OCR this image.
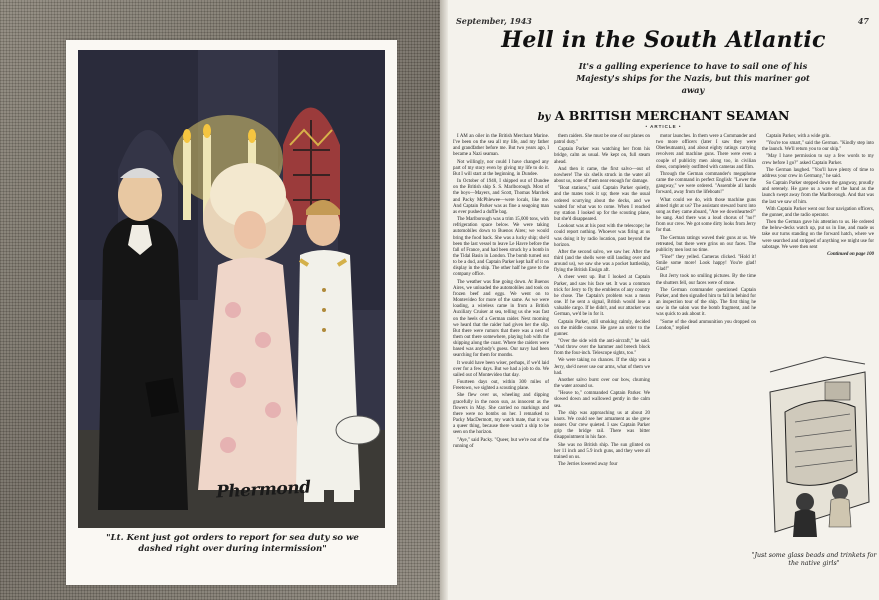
Phermond
"Lt. Kent just got orders to report for sea duty so we dashed right over during intermission"
September, 1943	47
Hell in the South Atlantic
It's a galling experience to have to sail one of his Majesty's ships for the Nazis, but this mariner got away
by A BRITISH MERCHANT SEAMAN
• ARTICLE •

I AM an oiler in the British Merchant Marine. I've been on the sea all my life, and my father and grandfather before me. But two years ago, I became a Nazi seaman.

Not willingly, nor could I have changed any part of my story even by giving my life to do it. But I will start at the beginning, in Dundee.

In October of 1940, I shipped out of Dundee on the British ship S. S. Marlborough. Most of the boys—Mayers, and Scott, Thomas Marchek and Packy McPhlewee—were locals, like me. And Captain Parker was as fine a seagoing man as ever pushed a duffle bag.

The Marlborough was a trim 15,000 tons, with refrigeration space below. We were taking automobiles down to Buenos Aires; we would bring the food back. She was a lucky ship; she'd been the last vessel to leave Le Havre before the fall of France, and had been struck by a bomb in the Tidal Basin in London. The bomb turned out to be a dud, and Captain Parker kept half of it on display in the ship. The other half he gave to the company office.

The weather was fine going down. At Buenos Aires, we unloaded the automobiles and took on frozen beef and eggs. We went on to Montevideo for more of the same. As we were loading, a wireless came in from a British Auxiliary Cruiser at sea, telling us she was fast on the heels of a German raider. Next morning we heard that the raider had given her the slip. But there were rumors that there was a nest of them out there somewhere, playing hob with the shipping along the coast. Where the raiders were based was anybody's guess. Our navy had been searching for them for months.

It would have been wiser, perhaps, if we'd laid over for a few days. But we had a job to do. We sailed out of Montevideo that day.

Fourteen days out, within 300 miles of Freetown, we sighted a scouting plane.

She flew over us, wheeling and dipping gracefully in the noon sun, as innocent as the flowers in May. She carried no markings and there were no bombs on her. I remarked to Packy MacDermott, my watch mate, that it was a queer thing, because there wasn't a ship to be seen on the horizon.

"Aye," said Packy. "Queer, but we're out of the running of

them raiders. She must be one of our planes on patrol duty."

Captain Parker was watching her from his bridge, calm as usual. We kept on, full steam ahead.

And then it came, the first salvo—out of nowhere! The six shells struck in the water all about us, none of them near enough for damage.

"Boat stations," said Captain Parker quietly, and the mates took it up; there was the usual ordered scurrying about the decks, and we waited for what was to come. When I reached my station I looked up for the scouting plane, but she'd disappeared.

Lookout was at his post with the telescope; he could report nothing. Whoever was firing at us was doing it by radio location, past beyond the horizon.

After the second salvo, we saw her. After the third (and the shells were still landing over and around us), we saw she was a pocket battleship, flying the British Ensign aft.

A cheer went up. But I looked at Captain Parker, and saw his face set. It was a common trick for Jerry to fly the emblems of any country he chose. The Captain's problem was a mean one. If he sent a signal, British would lose a valuable cargo. If he didn't, and our attacker was German, we'd be in for it.

Captain Parker, still smoking calmly, decided on the middle course. He gave an order to the gunner.

"Over the side with the anti-aircraft," he said. "And throw over the hammer and breech block from the four-inch. Telescope sights, too."

We were taking no chances. If the ship was a Jerry, she'd never use our arms, what of them we had.

Another salvo burst over our bow, churning the water around us.

"Heave to," commanded Captain Parker. We slowed down and wallowed gently in the calm sea.

The ship was approaching us at about 20 knots. We could see her armament as she grew nearer. Our crew quieted. I saw Captain Parker grip the bridge rail. There was bitter disappointment in his face.

She was no British ship. The sun glinted on her 11 inch and 5.9 inch guns, and they were all trained on us.

The Jerries lowered away four

motor launches. In them were a Commander and two more officers (later I saw they were Oberleutnants), and about eighty ratings carrying revolvers and machine guns. There were even a couple of publicity men along too, in civilian dress, completely outfitted with cameras and film.

Through the German commander's megaphone came the command in perfect English: "Lower the gangway," we were ordered. "Assemble all hands forward, away from the lifeboats!"

What could we do, with those machine guns aimed right at us? The assistant steward burst into song as they came aboard, "Are we downhearted?" he sang. And there was a loud chorus of "no!" from our crew. We got some dirty looks from Jerry for that.

The German ratings waved their guns at us. We retreated, but there were grins on our faces. The publicity men lost no time.

"Fine!" they yelled. Cameras clicked. "Hold it! Smile some more! Look happy! You're glad! Glad!"

But Jerry took no smiling pictures. By the time the shutters fell, our faces were of stone.

The German commander questioned Captain Parker, and then signalled him to fall in behind for an inspection tour of the ship. The first thing he saw in the salon was the bomb fragment, and he was quick to ask about it.

"Some of the dead ammunition you dropped on London," replied

Captain Parker, with a wide grin.

"You're too smart," said the German. "Kindly step into the launch. We'll return you to our ship."

"May I have permission to say a few words to my crew before I go?" asked Captain Parker.

The German laughed. "You'll have plenty of time to address your crew in Germany," he said.

So Captain Parker stepped down the gangway, proudly and serenely. He gave us a wave of the hand as the launch swept away from the Marlborough. And that was the last we saw of him.

With Captain Parker went our four navigation officers, the gunner, and the radio operator.

Then the German gave his attention to us. He ordered the below-decks watch up, put us in line, and made us take our turns standing on the forward hatch, where we were searched and stripped of anything we might use for sabotage. We were then sent

Continued on page 100
"Just some glass beads and trinkets for the native girls"
